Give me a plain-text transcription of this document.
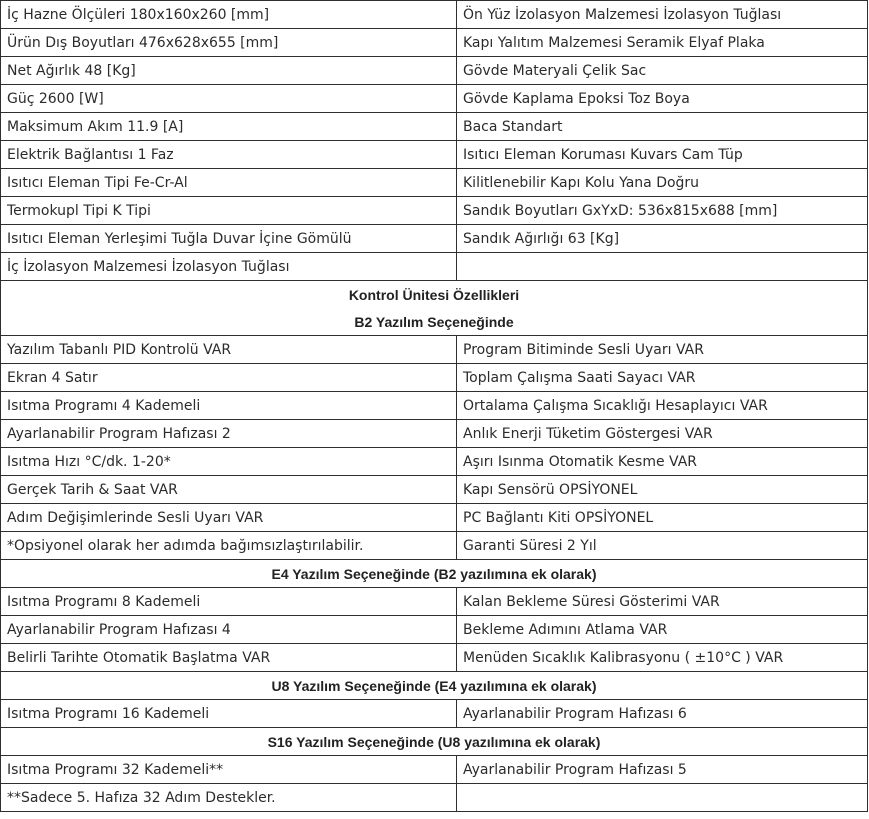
İç Hazne Ölçüleri 180x160x260 [mm]	Ön Yüz İzolasyon Malzemesi İzolasyon Tuğlası
Ürün Dış Boyutları 476x628x655 [mm]	Kapı Yalıtım Malzemesi Seramik Elyaf Plaka
Net Ağırlık 48 [Kg]	Gövde Materyali Çelik Sac
Güç 2600 [W]	Gövde Kaplama Epoksi Toz Boya
Maksimum Akım 11.9 [A]	Baca Standart
Elektrik Bağlantısı 1 Faz	Isıtıcı Eleman Koruması Kuvars Cam Tüp
Isıtıcı Eleman Tipi Fe-Cr-Al	Kilitlenebilir Kapı Kolu Yana Doğru
Termokupl Tipi K Tipi	Sandık Boyutları GxYxD: 536x815x688 [mm]
Isıtıcı Eleman Yerleşimi Tuğla Duvar İçine Gömülü	Sandık Ağırlığı 63 [Kg]
İç İzolasyon Malzemesi İzolasyon Tuğlası	
Kontrol Ünitesi Özellikleri	
B2 Yazılım Seçeneğinde	
Yazılım Tabanlı PID Kontrolü VAR	Program Bitiminde Sesli Uyarı VAR
Ekran 4 Satır	Toplam Çalışma Saati Sayacı VAR
Isıtma Programı 4 Kademeli	Ortalama Çalışma Sıcaklığı Hesaplayıcı VAR
Ayarlanabilir Program Hafızası 2	Anlık Enerji Tüketim Göstergesi VAR
Isıtma Hızı °C/dk. 1-20*	Aşırı Isınma Otomatik Kesme VAR
Gerçek Tarih & Saat VAR	Kapı Sensörü OPSİYONEL
Adım Değişimlerinde Sesli Uyarı VAR	PC Bağlantı Kiti OPSİYONEL
*Opsiyonel olarak her adımda bağımsızlaştırılabilir.	Garanti Süresi 2 Yıl
E4 Yazılım Seçeneğinde (B2 yazılımına ek olarak)	
Isıtma Programı 8 Kademeli	Kalan Bekleme Süresi Gösterimi VAR
Ayarlanabilir Program Hafızası 4	Bekleme Adımını Atlama VAR
Belirli Tarihte Otomatik Başlatma VAR	Menüden Sıcaklık Kalibrasyonu ( ±10°C ) VAR
U8 Yazılım Seçeneğinde (E4 yazılımına ek olarak)	
Isıtma Programı 16 Kademeli	Ayarlanabilir Program Hafızası 6
S16 Yazılım Seçeneğinde (U8 yazılımına ek olarak)	
Isıtma Programı 32 Kademeli**	Ayarlanabilir Program Hafızası 5
**Sadece 5. Hafıza 32 Adım Destekler.	
